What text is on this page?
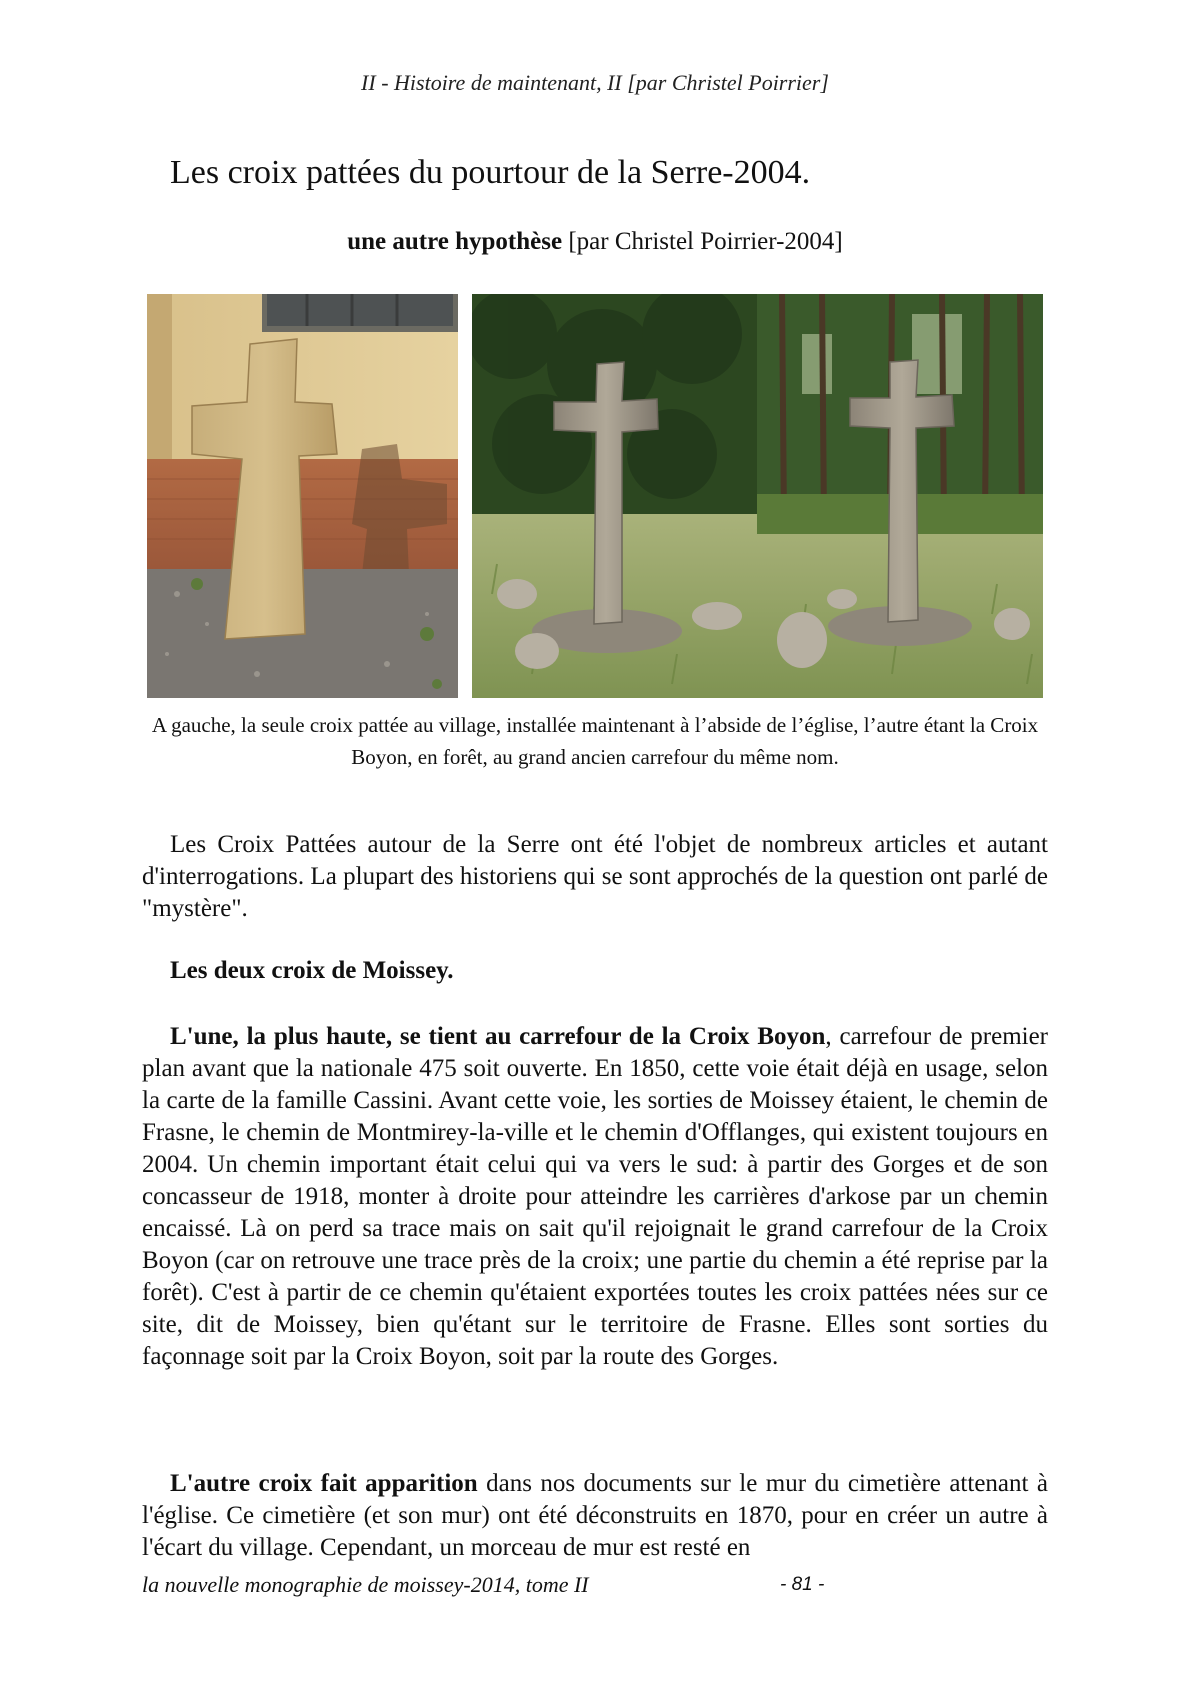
II - Histoire de maintenant, II [par Christel Poirrier]
Les croix pattées du pourtour de la Serre-2004.
une autre hypothèse [par Christel Poirrier-2004]
A gauche, la seule croix pattée au village, installée maintenant à l’abside de l’église, l’autre étant la Croix Boyon, en forêt, au grand ancien carrefour du même nom.

Les Croix Pattées autour de la Serre ont été l'objet de nombreux articles et autant d'interrogations. La plupart des historiens qui se sont approchés de la question ont parlé de "mystère".

Les deux croix de Moissey.

L'une, la plus haute, se tient au carrefour de la Croix Boyon, carrefour de premier plan avant que la nationale 475 soit ouverte. En 1850, cette voie était déjà en usage, selon la carte de la famille Cassini. Avant cette voie, les sorties de Moissey étaient, le chemin de Frasne, le chemin de Montmirey-la-ville et le chemin d'Offlanges, qui existent toujours en 2004. Un chemin important était celui qui va vers le sud: à partir des Gorges et de son concasseur de 1918, monter à droite pour atteindre les carrières d'arkose par un chemin encaissé. Là on perd sa trace mais on sait qu'il rejoignait le grand carrefour de la Croix Boyon (car on retrouve une trace près de la croix; une partie du chemin a été reprise par la forêt). C'est à partir de ce chemin qu'étaient exportées toutes les croix pattées nées sur ce site, dit de Moissey, bien qu'étant sur le territoire de Frasne. Elles sont sorties du façonnage soit par la Croix Boyon, soit par la route des Gorges.

L'autre croix fait apparition dans nos documents sur le mur du cimetière attenant à l'église. Ce cimetière (et son mur) ont été déconstruits en 1870, pour en créer un autre à l'écart du village. Cependant, un morceau de mur est resté en

la nouvelle monographie de moissey-2014, tome II	- 81 -
